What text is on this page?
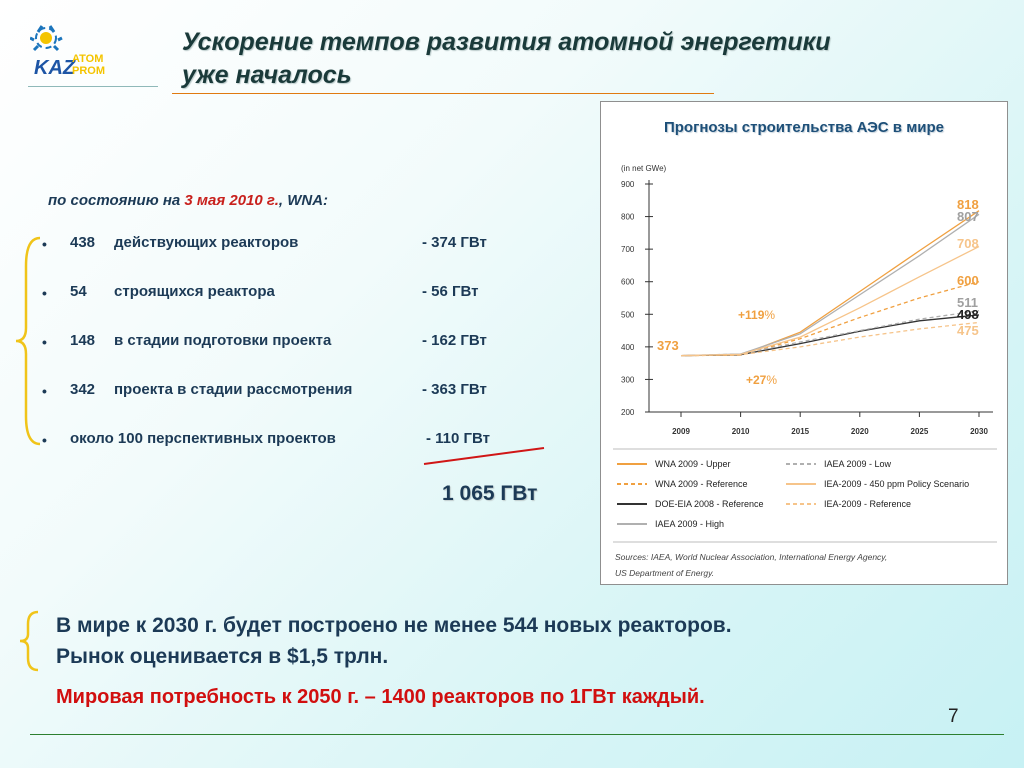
KAZ
ATOM
PROM
Ускорение темпов развития атомной энергетики
уже началось
по состоянию на 3 мая 2010 г., WNA:
• 438 действующих реакторов	- 374 ГВт
• 54 строящихся реактора	- 56 ГВт
• 148 в стадии подготовки проекта	- 162 ГВт
• 342 проекта в стадии рассмотрения	- 363 ГВт
• около 100 перспективных проектов	- 110 ГВт
1 065 ГВт
Прогнозы строительства АЭС в мире
(in net GWe)
900
800
700
600
500
400
300
200
2009	2010	2015	2020	2025	2030
818
600
498
807
511
708
475
373
+119%
+27%
WNA 2009 - Upper
WNA 2009 - Reference
DOE-EIA 2008 - Reference
IAEA 2009 - High
IAEA 2009 - Low
IEA-2009 - 450 ppm Policy Scenario
IEA-2009 - Reference
Sources: IAEA, World Nuclear Association, International Energy Agency,
US Department of Energy.
В мире к 2030 г. будет построено не менее 544 новых реакторов.
Рынок оценивается в $1,5 трлн.
Мировая потребность к 2050 г. – 1400 реакторов по 1ГВт каждый.
7
